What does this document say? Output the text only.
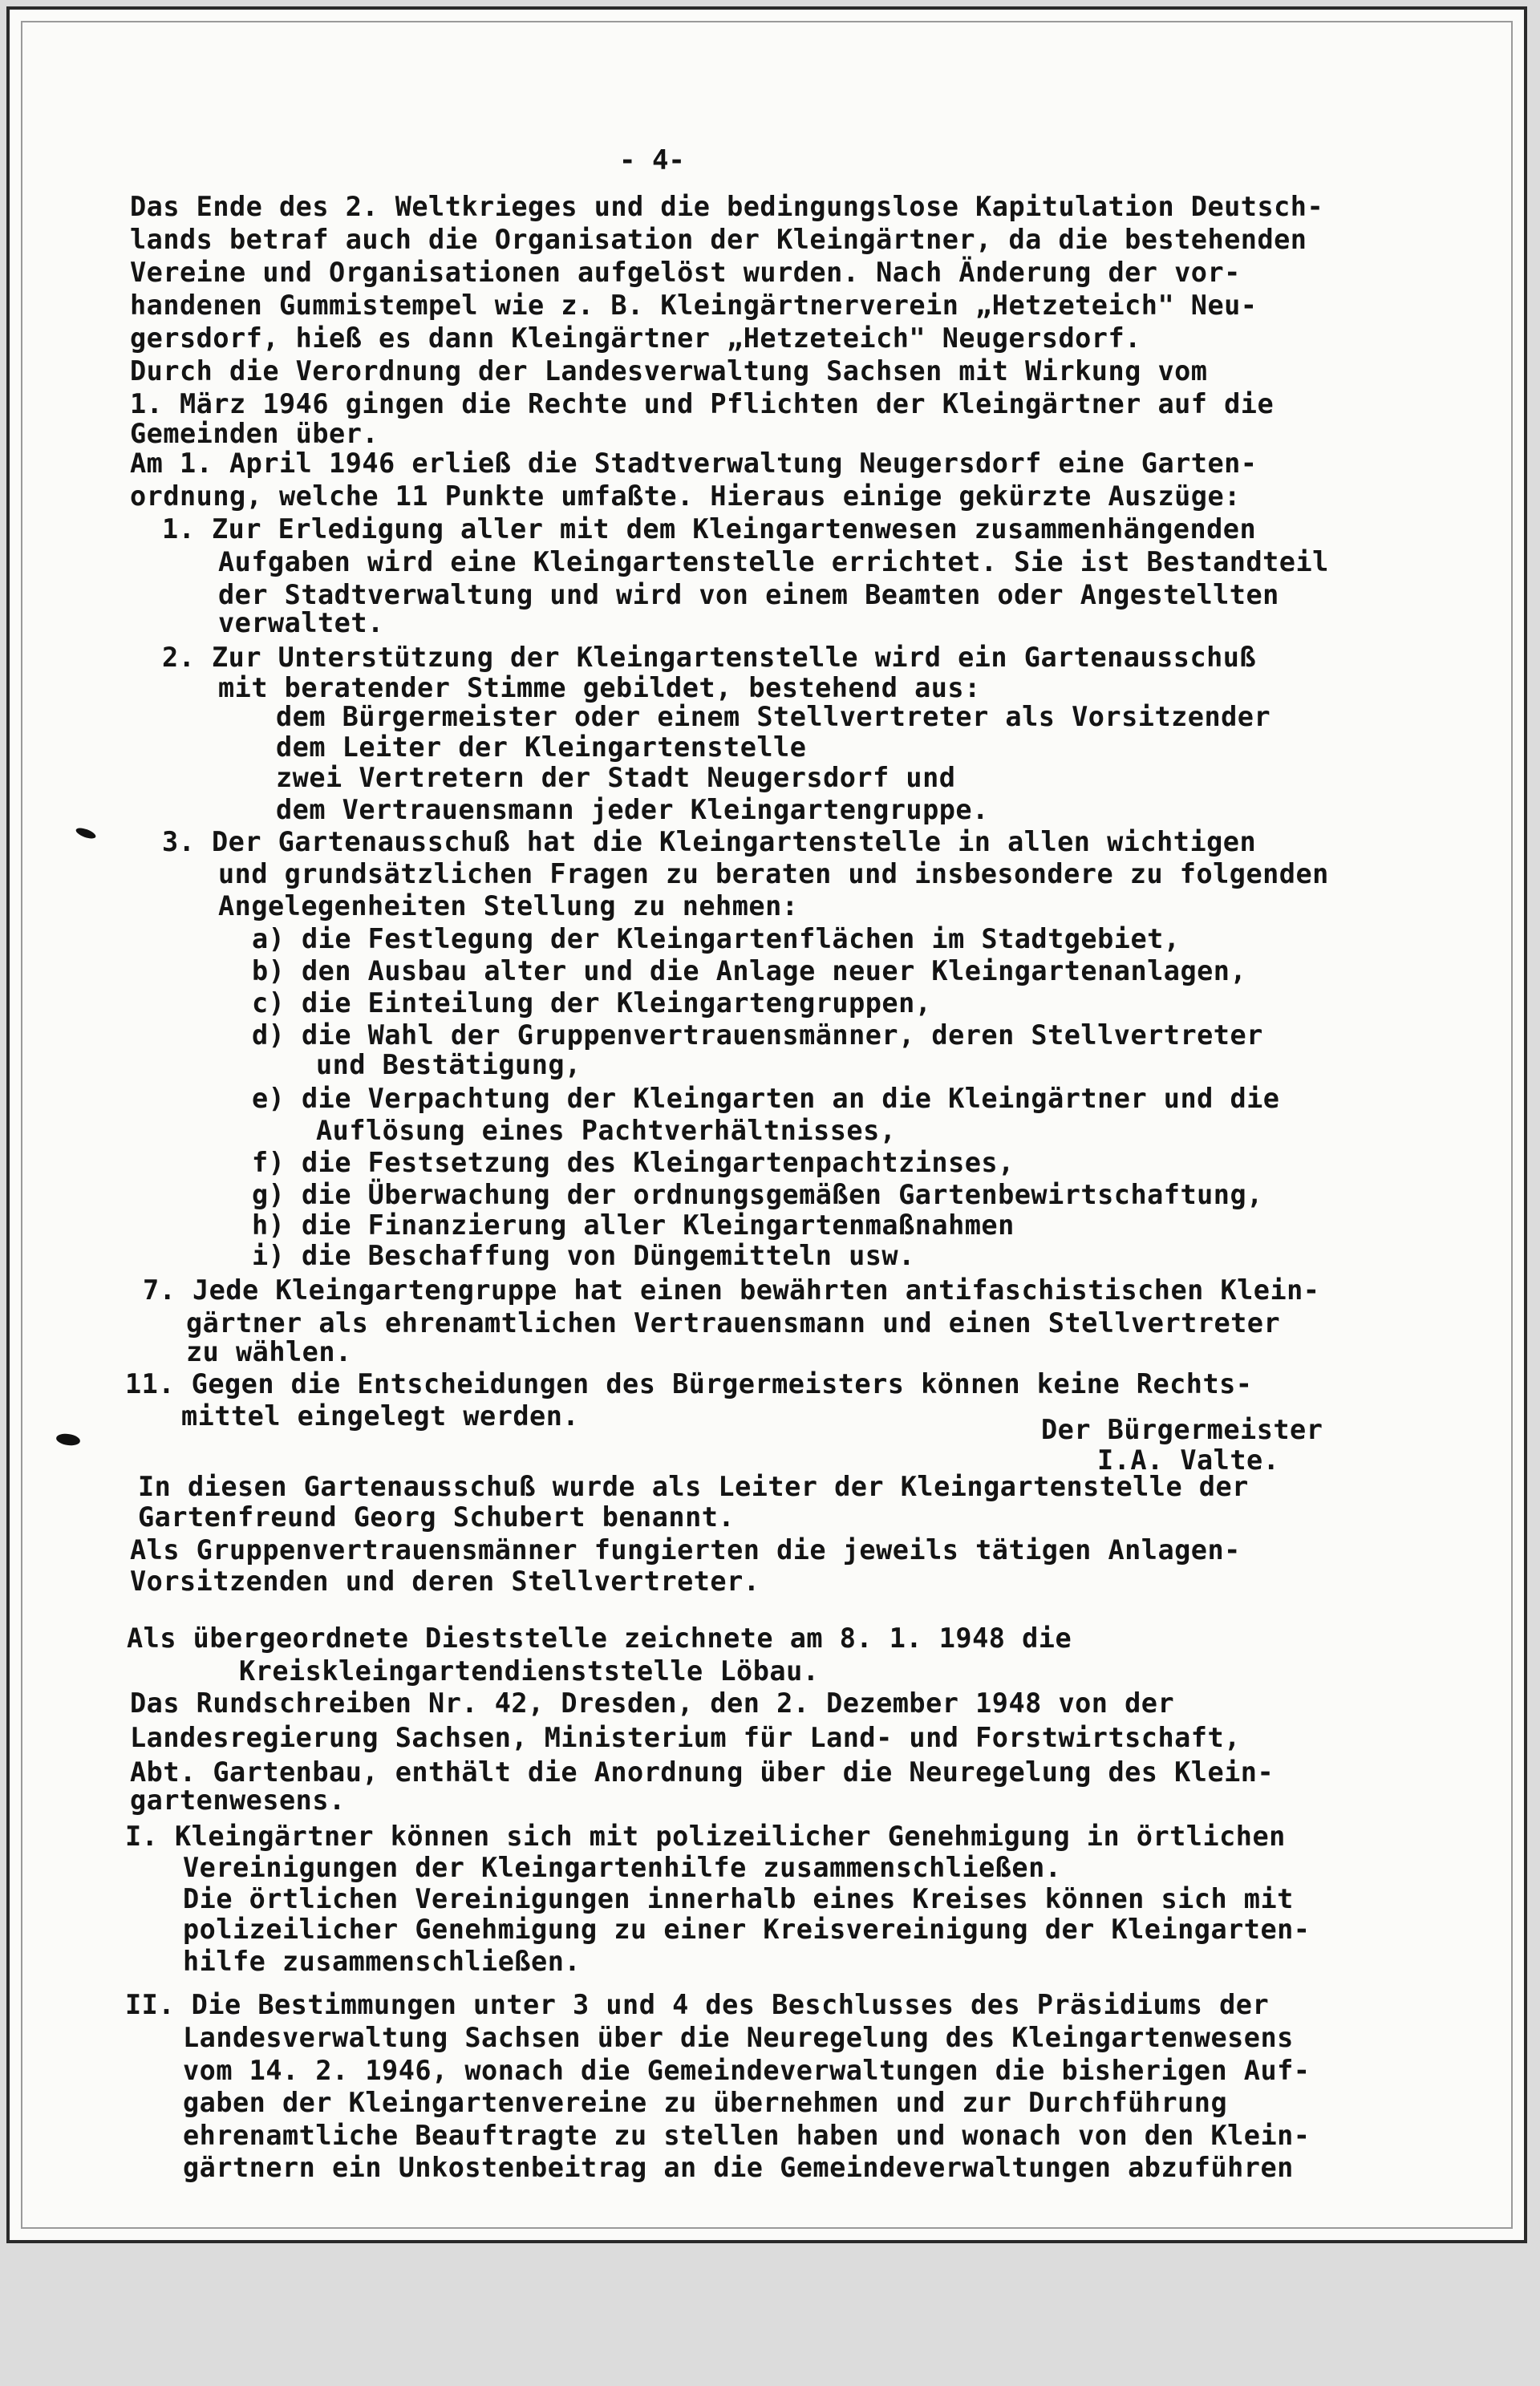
- 4-

Das Ende des 2. Weltkrieges und die bedingungslose Kapitulation Deutsch-

lands betraf auch die Organisation der Kleingärtner, da die bestehenden

Vereine und Organisationen aufgelöst wurden. Nach Änderung der vor-

handenen Gummistempel wie z. B. Kleingärtnerverein „Hetzeteich" Neu-

gersdorf, hieß es dann Kleingärtner „Hetzeteich" Neugersdorf.

Durch die Verordnung der Landesverwaltung Sachsen mit Wirkung vom

1. März 1946 gingen die Rechte und Pflichten der Kleingärtner auf die

Gemeinden über.

Am 1. April 1946 erließ die Stadtverwaltung Neugersdorf eine Garten-

ordnung, welche 11 Punkte umfaßte. Hieraus einige gekürzte Auszüge:

1. Zur Erledigung aller mit dem Kleingartenwesen zusammenhängenden

Aufgaben wird eine Kleingartenstelle errichtet. Sie ist Bestandteil

der Stadtverwaltung und wird von einem Beamten oder Angestellten

verwaltet.

2. Zur Unterstützung der Kleingartenstelle wird ein Gartenausschuß

mit beratender Stimme gebildet, bestehend aus:

dem Bürgermeister oder einem Stellvertreter als Vorsitzender

dem Leiter der Kleingartenstelle

zwei Vertretern der Stadt Neugersdorf und

dem Vertrauensmann jeder Kleingartengruppe.

3. Der Gartenausschuß hat die Kleingartenstelle in allen wichtigen

und grundsätzlichen Fragen zu beraten und insbesondere zu folgenden

Angelegenheiten Stellung zu nehmen:

a) die Festlegung der Kleingartenflächen im Stadtgebiet,

b) den Ausbau alter und die Anlage neuer Kleingartenanlagen,

c) die Einteilung der Kleingartengruppen,

d) die Wahl der Gruppenvertrauensmänner, deren Stellvertreter

und Bestätigung,

e) die Verpachtung der Kleingarten an die Kleingärtner und die

Auflösung eines Pachtverhältnisses,

f) die Festsetzung des Kleingartenpachtzinses,

g) die Überwachung der ordnungsgemäßen Gartenbewirtschaftung,

h) die Finanzierung aller Kleingartenmaßnahmen

i) die Beschaffung von Düngemitteln usw.

7. Jede Kleingartengruppe hat einen bewährten antifaschistischen Klein-

gärtner als ehrenamtlichen Vertrauensmann und einen Stellvertreter

zu wählen.

11. Gegen die Entscheidungen des Bürgermeisters können keine Rechts-

mittel eingelegt werden.

	Der Bürgermeister

I.A. Valte.

In diesen Gartenausschuß wurde als Leiter der Kleingartenstelle der

Gartenfreund Georg Schubert benannt.

Als Gruppenvertrauensmänner fungierten die jeweils tätigen Anlagen-

Vorsitzenden und deren Stellvertreter.

Als übergeordnete Dieststelle zeichnete am 8. 1. 1948 die

Kreiskleingartendienststelle Löbau.

Das Rundschreiben Nr. 42, Dresden, den 2. Dezember 1948 von der

Landesregierung Sachsen, Ministerium für Land- und Forstwirtschaft,

Abt. Gartenbau, enthält die Anordnung über die Neuregelung des Klein-

gartenwesens.

I. Kleingärtner können sich mit polizeilicher Genehmigung in örtlichen

Vereinigungen der Kleingartenhilfe zusammenschließen.

Die örtlichen Vereinigungen innerhalb eines Kreises können sich mit

polizeilicher Genehmigung zu einer Kreisvereinigung der Kleingarten-

hilfe zusammenschließen.

II. Die Bestimmungen unter 3 und 4 des Beschlusses des Präsidiums der

Landesverwaltung Sachsen über die Neuregelung des Kleingartenwesens

vom 14. 2. 1946, wonach die Gemeindeverwaltungen die bisherigen Auf-

gaben der Kleingartenvereine zu übernehmen und zur Durchführung

ehrenamtliche Beauftragte zu stellen haben und wonach von den Klein-

gärtnern ein Unkostenbeitrag an die Gemeindeverwaltungen abzuführen
